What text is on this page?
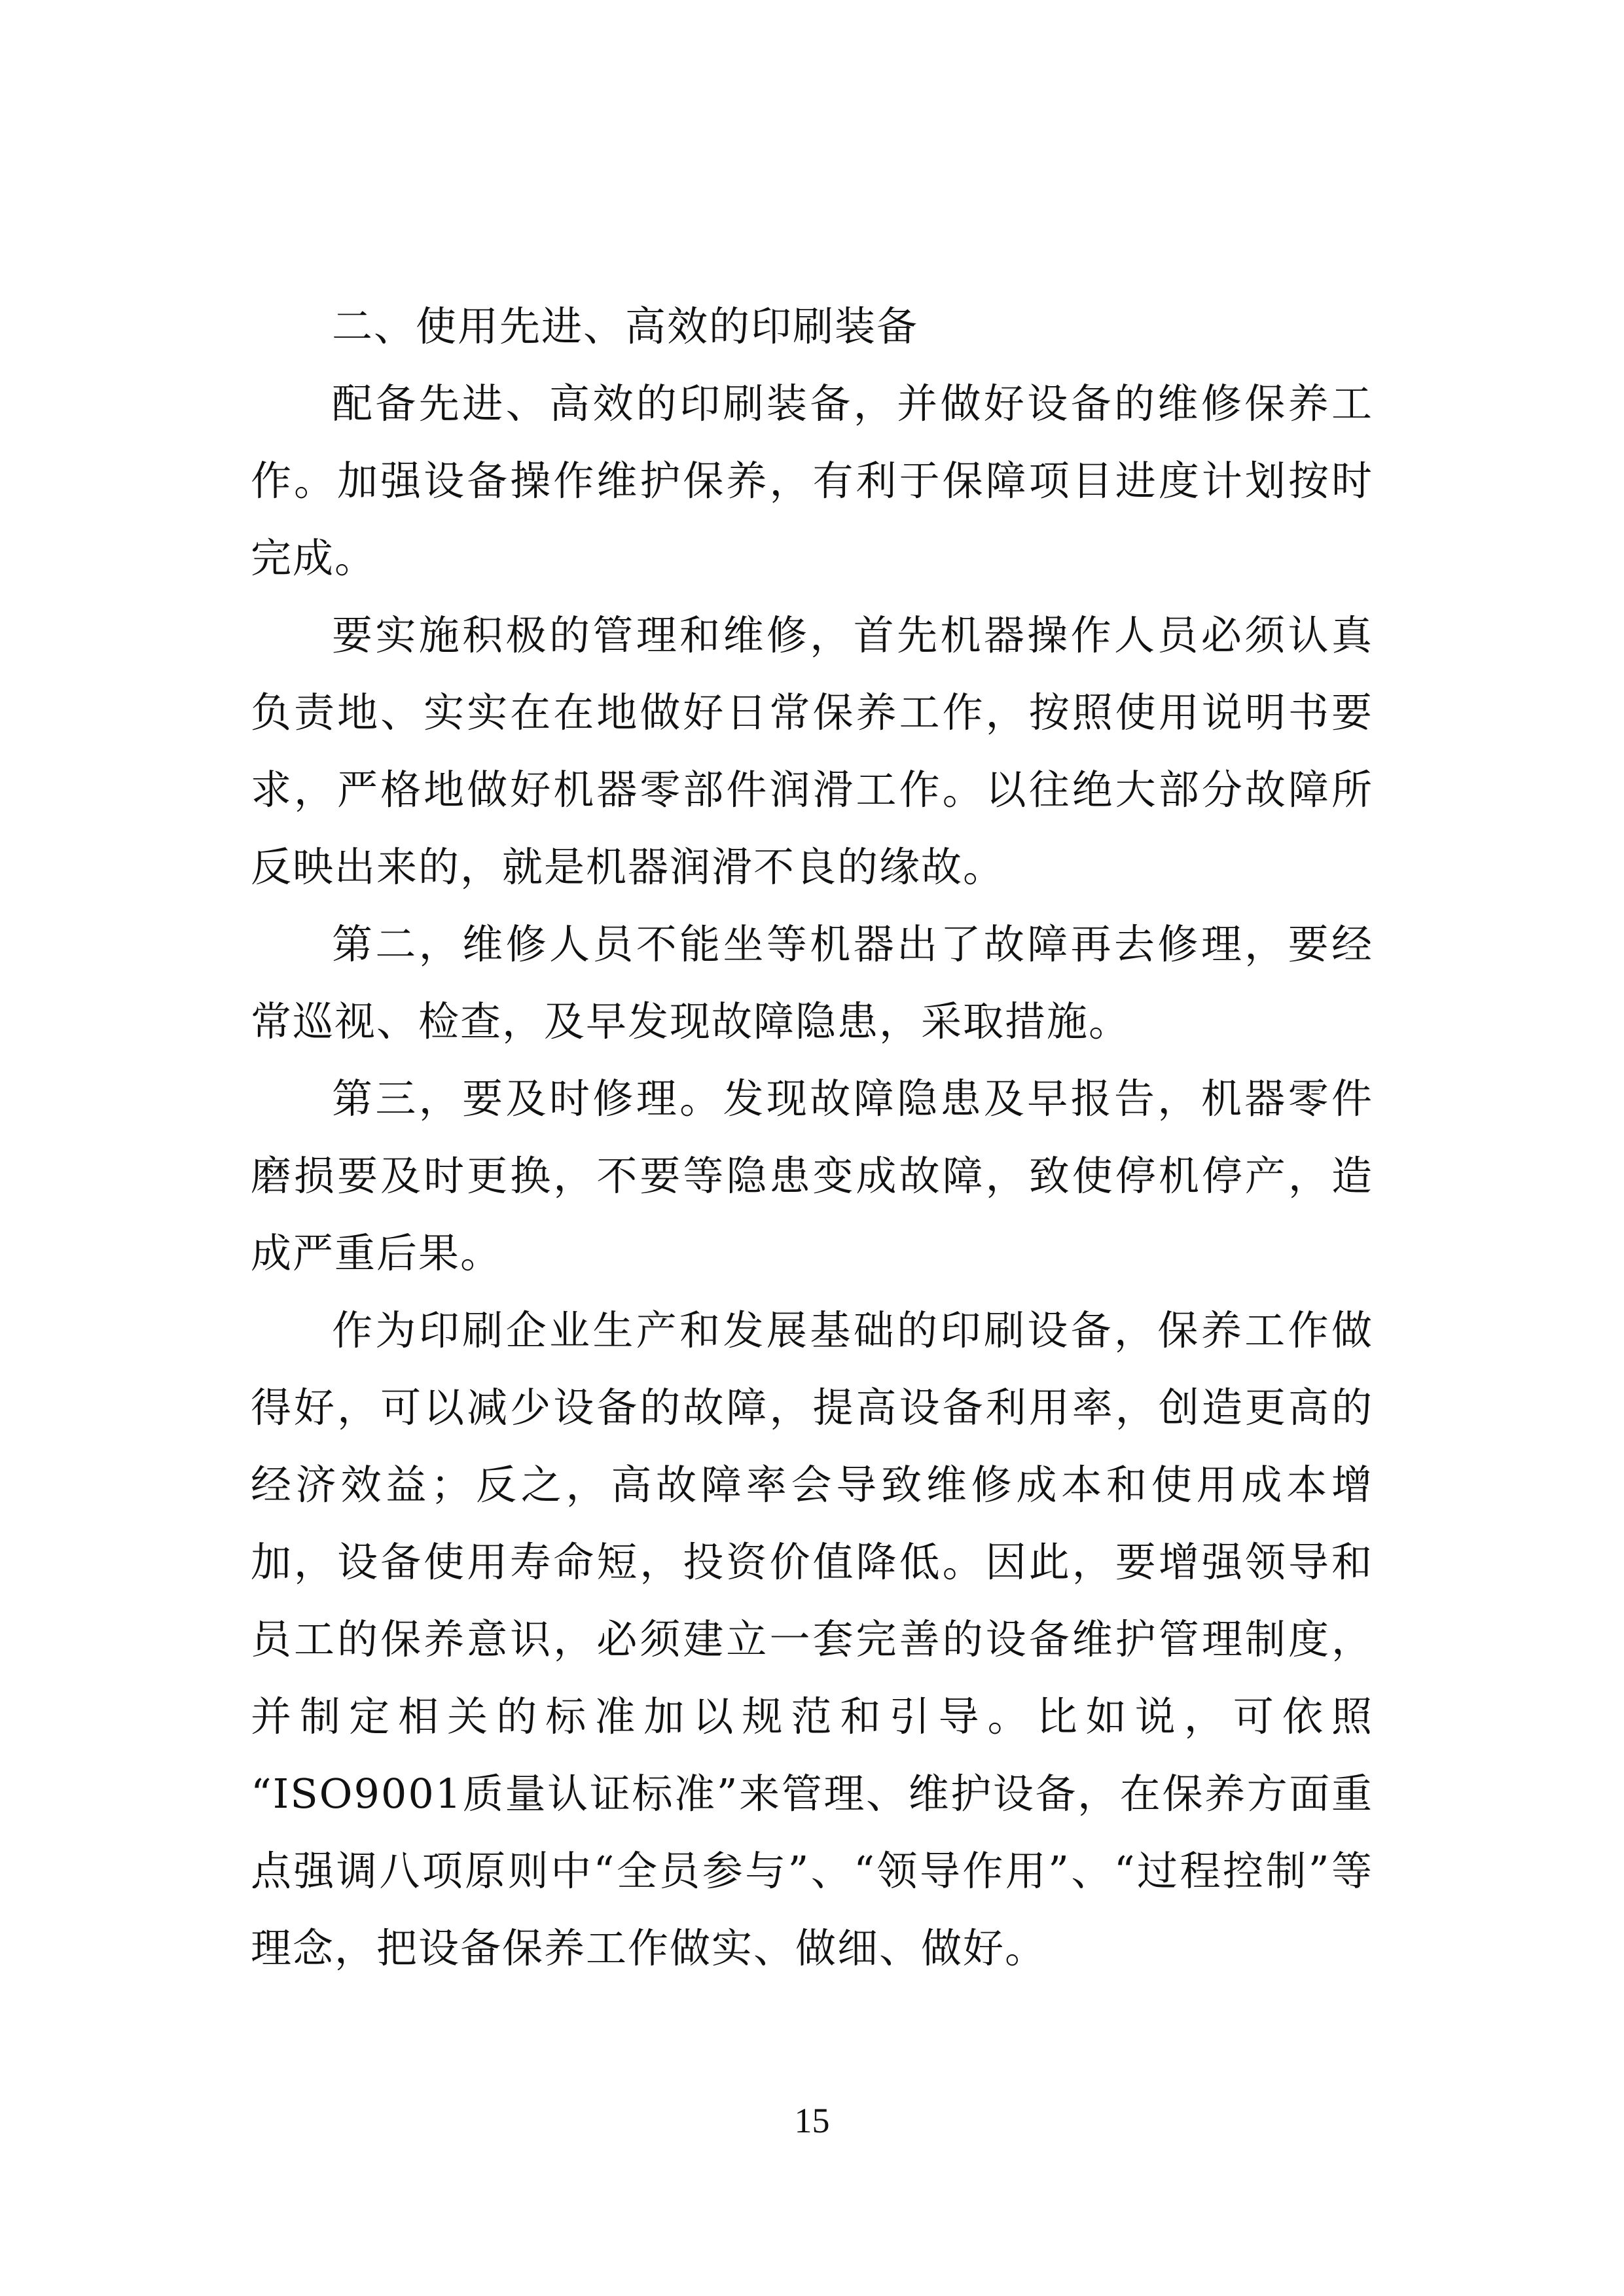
二、使用先进、高效的印刷装备

配备先进、高效的印刷装备，并做好设备的维修保养工作。加强设备操作维护保养，有利于保障项目进度计划按时完成。

要实施积极的管理和维修，首先机器操作人员必须认真负责地、实实在在地做好日常保养工作，按照使用说明书要求，严格地做好机器零部件润滑工作。以往绝大部分故障所反映出来的，就是机器润滑不良的缘故。

第二，维修人员不能坐等机器出了故障再去修理，要经常巡视、检查，及早发现故障隐患，采取措施。

第三，要及时修理。发现故障隐患及早报告，机器零件磨损要及时更换，不要等隐患变成故障，致使停机停产，造成严重后果。

作为印刷企业生产和发展基础的印刷设备，保养工作做得好，可以减少设备的故障，提高设备利用率，创造更高的经济效益；反之，高故障率会导致维修成本和使用成本增加，设备使用寿命短，投资价值降低。因此，要增强领导和员工的保养意识，必须建立一套完善的设备维护管理制度，并制定相关的标准加以规范和引导。比如说，可依照 “ISO9001质量认证标准”来管理、维护设备，在保养方面重点强调八项原则中“全员参与”、“领导作用”、“过程控制”等理念，把设备保养工作做实、做细、做好。

15
